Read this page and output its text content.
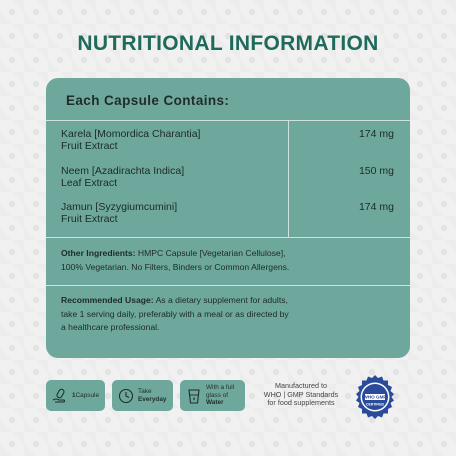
NUTRITIONAL INFORMATION
Each Capsule Contains:
Karela [Momordica Charantia]
Fruit Extract
174 mg
Neem [Azadirachta Indica]
Leaf Extract
150 mg
Jamun [Syzygiumcumini]
Fruit Extract
174 mg
Other Ingredients: HMPC Capsule [Vegetarian Cellulose],
100% Vegetarian. No Filters, Binders or Common Allergens.
Recommended Usage: As a dietary supplement for adults,
take 1 serving daily, preferably with a meal or as directed by
a healthcare professional.
1Capsule
Take
Everyday
With a full
glass of
Water
Manufactured to
WHO | GMP Standards
for food supplements
WHO GMP
CERTIFIED
